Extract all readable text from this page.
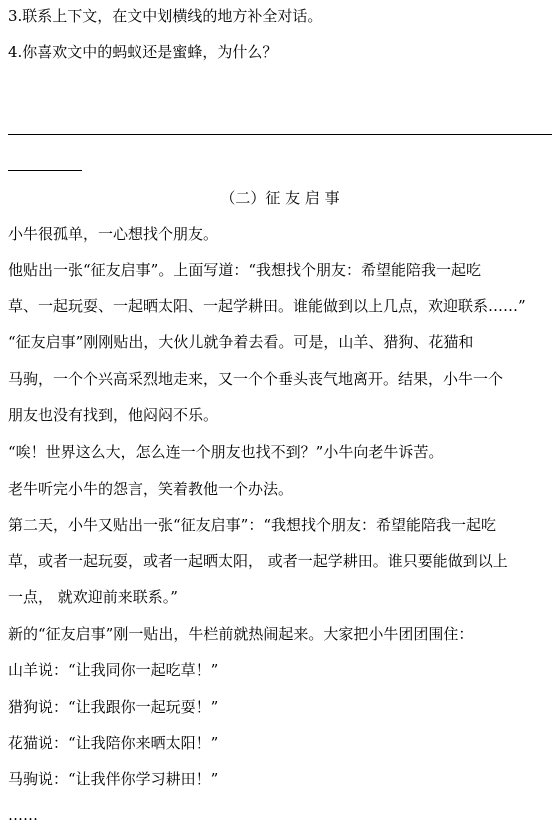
3.联系上下文，在文中划横线的地方补全对话。
4.你喜欢文中的蚂蚁还是蜜蜂，为什么？
（二）征 友 启 事
小牛很孤单，一心想找个朋友。
他贴出一张“征友启事”。上面写道：“我想找个朋友：希望能陪我一起吃
草、一起玩耍、一起晒太阳、一起学耕田。谁能做到以上几点，欢迎联系……”
“征友启事”刚刚贴出，大伙儿就争着去看。可是，山羊、猎狗、花猫和
马驹，一个个兴高采烈地走来，又一个个垂头丧气地离开。结果，小牛一个
朋友也没有找到，他闷闷不乐。
“唉！世界这么大，怎么连一个朋友也找不到？”小牛向老牛诉苦。
老牛听完小牛的怨言，笑着教他一个办法。
第二天，小牛又贴出一张“征友启事”：“我想找个朋友：希望能陪我一起吃
草，或者一起玩耍，或者一起晒太阳， 或者一起学耕田。谁只要能做到以上
一点， 就欢迎前来联系。”
新的“征友启事”刚一贴出，牛栏前就热闹起来。大家把小牛团团围住：
山羊说：“让我同你一起吃草！”
猎狗说：“让我跟你一起玩耍！”
花猫说：“让我陪你来晒太阳！”
马驹说：“让我伴你学习耕田！”
……
